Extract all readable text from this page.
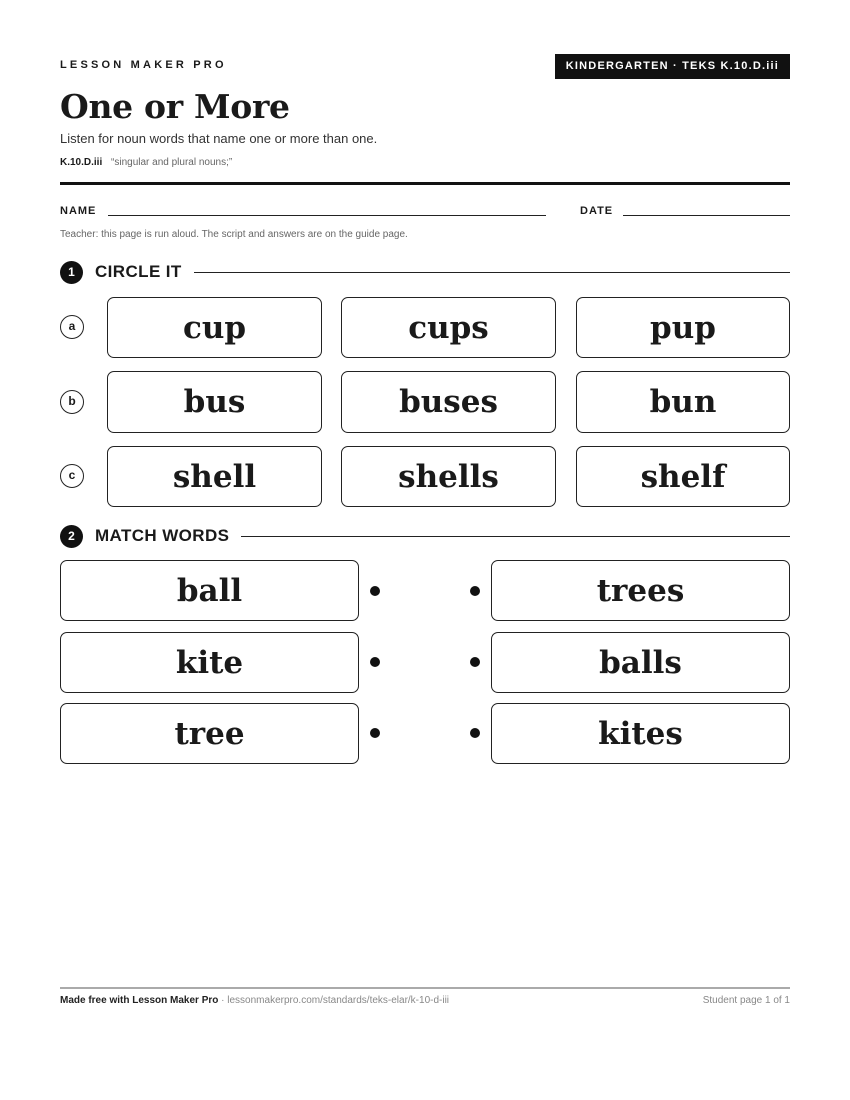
LESSON MAKER PRO	KINDERGARTEN · TEKS K.10.D.iii
One or More
Listen for noun words that name one or more than one.
K.10.D.iii “singular and plural nouns;”
NAME	DATE
Teacher: this page is run aloud. The script and answers are on the guide page.
1	CIRCLE IT
a	cup	cups	pup
b	bus	buses	bun
c	shell	shells	shelf
2	MATCH WORDS
ball	trees
kite	balls
tree	kites
Made free with Lesson Maker Pro · lessonmakerpro.com/standards/teks-elar/k-10-d-iii	Student page 1 of 1
